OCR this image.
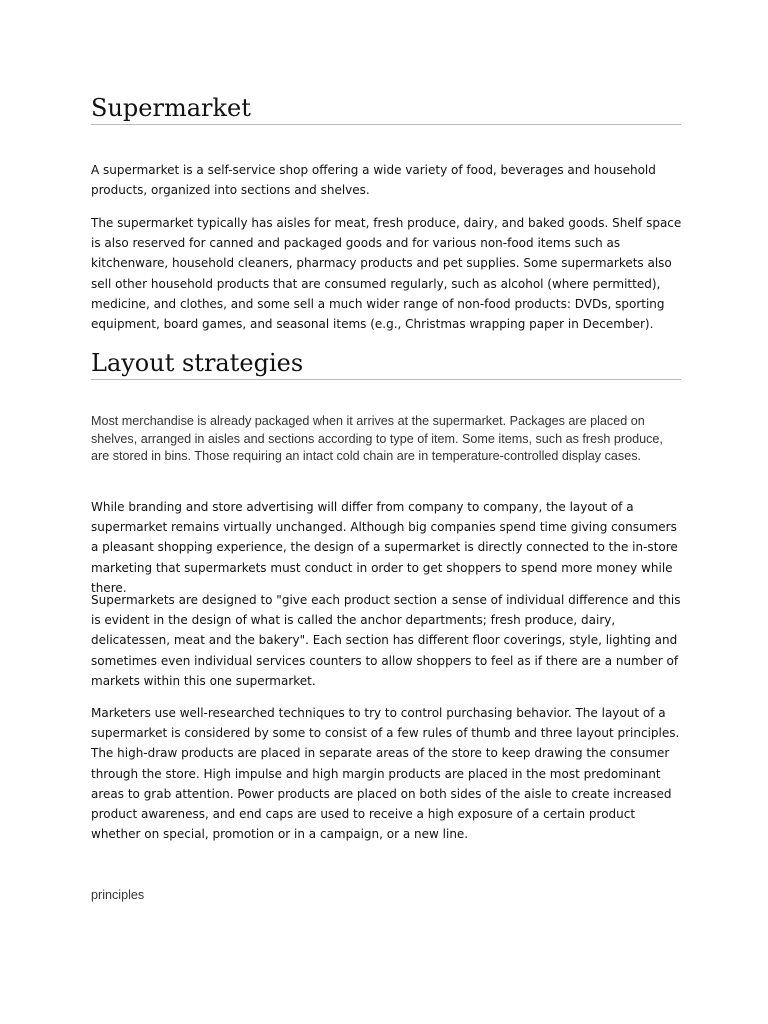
Supermarket

A supermarket is a self-service shop offering a wide variety of food, beverages and household products, organized into sections and shelves.

The supermarket typically has aisles for meat, fresh produce, dairy, and baked goods. Shelf space is also reserved for canned and packaged goods and for various non-food items such as kitchenware, household cleaners, pharmacy products and pet supplies. Some supermarkets also sell other household products that are consumed regularly, such as alcohol (where permitted), medicine, and clothes, and some sell a much wider range of non-food products: DVDs, sporting equipment, board games, and seasonal items (e.g., Christmas wrapping paper in December).

Layout strategies

Most merchandise is already packaged when it arrives at the supermarket. Packages are placed on shelves, arranged in aisles and sections according to type of item. Some items, such as fresh produce, are stored in bins. Those requiring an intact cold chain are in temperature-controlled display cases.

While branding and store advertising will differ from company to company, the layout of a supermarket remains virtually unchanged. Although big companies spend time giving consumers a pleasant shopping experience, the design of a supermarket is directly connected to the in-store marketing that supermarkets must conduct in order to get shoppers to spend more money while there.

Supermarkets are designed to "give each product section a sense of individual difference and this is evident in the design of what is called the anchor departments; fresh produce, dairy, delicatessen, meat and the bakery". Each section has different floor coverings, style, lighting and sometimes even individual services counters to allow shoppers to feel as if there are a number of markets within this one supermarket.

Marketers use well-researched techniques to try to control purchasing behavior. The layout of a supermarket is considered by some to consist of a few rules of thumb and three layout principles. The high-draw products are placed in separate areas of the store to keep drawing the consumer through the store. High impulse and high margin products are placed in the most predominant areas to grab attention. Power products are placed on both sides of the aisle to create increased product awareness, and end caps are used to receive a high exposure of a certain product whether on special, promotion or in a campaign, or a new line.

principles
